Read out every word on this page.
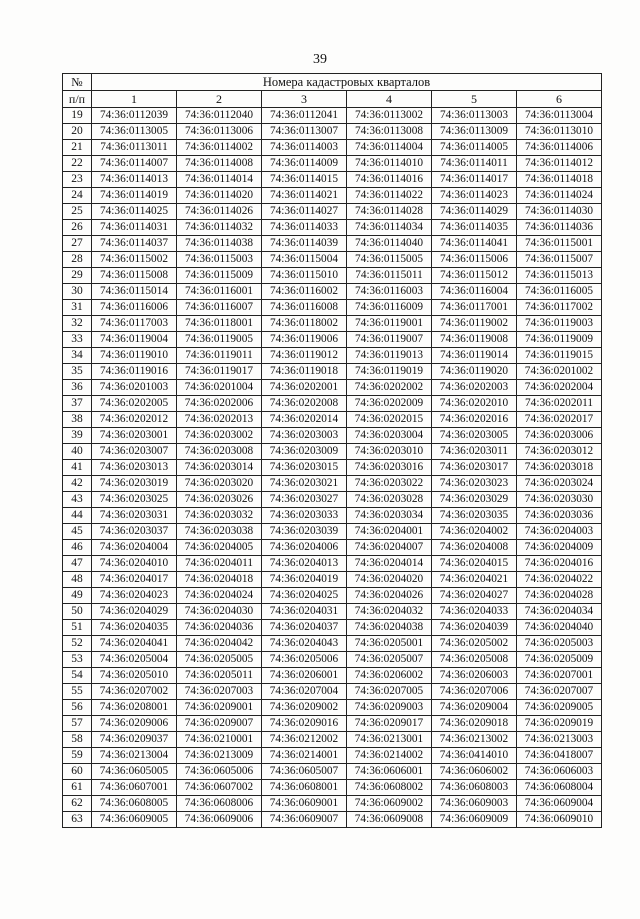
39
№	Номера кадастровых кварталов					
п/п	1	2	3	4	5	6
19	74:36:0112039	74:36:0112040	74:36:0112041	74:36:0113002	74:36:0113003	74:36:0113004
20	74:36:0113005	74:36:0113006	74:36:0113007	74:36:0113008	74:36:0113009	74:36:0113010
21	74:36:0113011	74:36:0114002	74:36:0114003	74:36:0114004	74:36:0114005	74:36:0114006
22	74:36:0114007	74:36:0114008	74:36:0114009	74:36:0114010	74:36:0114011	74:36:0114012
23	74:36:0114013	74:36:0114014	74:36:0114015	74:36:0114016	74:36:0114017	74:36:0114018
24	74:36:0114019	74:36:0114020	74:36:0114021	74:36:0114022	74:36:0114023	74:36:0114024
25	74:36:0114025	74:36:0114026	74:36:0114027	74:36:0114028	74:36:0114029	74:36:0114030
26	74:36:0114031	74:36:0114032	74:36:0114033	74:36:0114034	74:36:0114035	74:36:0114036
27	74:36:0114037	74:36:0114038	74:36:0114039	74:36:0114040	74:36:0114041	74:36:0115001
28	74:36:0115002	74:36:0115003	74:36:0115004	74:36:0115005	74:36:0115006	74:36:0115007
29	74:36:0115008	74:36:0115009	74:36:0115010	74:36:0115011	74:36:0115012	74:36:0115013
30	74:36:0115014	74:36:0116001	74:36:0116002	74:36:0116003	74:36:0116004	74:36:0116005
31	74:36:0116006	74:36:0116007	74:36:0116008	74:36:0116009	74:36:0117001	74:36:0117002
32	74:36:0117003	74:36:0118001	74:36:0118002	74:36:0119001	74:36:0119002	74:36:0119003
33	74:36:0119004	74:36:0119005	74:36:0119006	74:36:0119007	74:36:0119008	74:36:0119009
34	74:36:0119010	74:36:0119011	74:36:0119012	74:36:0119013	74:36:0119014	74:36:0119015
35	74:36:0119016	74:36:0119017	74:36:0119018	74:36:0119019	74:36:0119020	74:36:0201002
36	74:36:0201003	74:36:0201004	74:36:0202001	74:36:0202002	74:36:0202003	74:36:0202004
37	74:36:0202005	74:36:0202006	74:36:0202008	74:36:0202009	74:36:0202010	74:36:0202011
38	74:36:0202012	74:36:0202013	74:36:0202014	74:36:0202015	74:36:0202016	74:36:0202017
39	74:36:0203001	74:36:0203002	74:36:0203003	74:36:0203004	74:36:0203005	74:36:0203006
40	74:36:0203007	74:36:0203008	74:36:0203009	74:36:0203010	74:36:0203011	74:36:0203012
41	74:36:0203013	74:36:0203014	74:36:0203015	74:36:0203016	74:36:0203017	74:36:0203018
42	74:36:0203019	74:36:0203020	74:36:0203021	74:36:0203022	74:36:0203023	74:36:0203024
43	74:36:0203025	74:36:0203026	74:36:0203027	74:36:0203028	74:36:0203029	74:36:0203030
44	74:36:0203031	74:36:0203032	74:36:0203033	74:36:0203034	74:36:0203035	74:36:0203036
45	74:36:0203037	74:36:0203038	74:36:0203039	74:36:0204001	74:36:0204002	74:36:0204003
46	74:36:0204004	74:36:0204005	74:36:0204006	74:36:0204007	74:36:0204008	74:36:0204009
47	74:36:0204010	74:36:0204011	74:36:0204013	74:36:0204014	74:36:0204015	74:36:0204016
48	74:36:0204017	74:36:0204018	74:36:0204019	74:36:0204020	74:36:0204021	74:36:0204022
49	74:36:0204023	74:36:0204024	74:36:0204025	74:36:0204026	74:36:0204027	74:36:0204028
50	74:36:0204029	74:36:0204030	74:36:0204031	74:36:0204032	74:36:0204033	74:36:0204034
51	74:36:0204035	74:36:0204036	74:36:0204037	74:36:0204038	74:36:0204039	74:36:0204040
52	74:36:0204041	74:36:0204042	74:36:0204043	74:36:0205001	74:36:0205002	74:36:0205003
53	74:36:0205004	74:36:0205005	74:36:0205006	74:36:0205007	74:36:0205008	74:36:0205009
54	74:36:0205010	74:36:0205011	74:36:0206001	74:36:0206002	74:36:0206003	74:36:0207001
55	74:36:0207002	74:36:0207003	74:36:0207004	74:36:0207005	74:36:0207006	74:36:0207007
56	74:36:0208001	74:36:0209001	74:36:0209002	74:36:0209003	74:36:0209004	74:36:0209005
57	74:36:0209006	74:36:0209007	74:36:0209016	74:36:0209017	74:36:0209018	74:36:0209019
58	74:36:0209037	74:36:0210001	74:36:0212002	74:36:0213001	74:36:0213002	74:36:0213003
59	74:36:0213004	74:36:0213009	74:36:0214001	74:36:0214002	74:36:0414010	74:36:0418007
60	74:36:0605005	74:36:0605006	74:36:0605007	74:36:0606001	74:36:0606002	74:36:0606003
61	74:36:0607001	74:36:0607002	74:36:0608001	74:36:0608002	74:36:0608003	74:36:0608004
62	74:36:0608005	74:36:0608006	74:36:0609001	74:36:0609002	74:36:0609003	74:36:0609004
63	74:36:0609005	74:36:0609006	74:36:0609007	74:36:0609008	74:36:0609009	74:36:0609010
